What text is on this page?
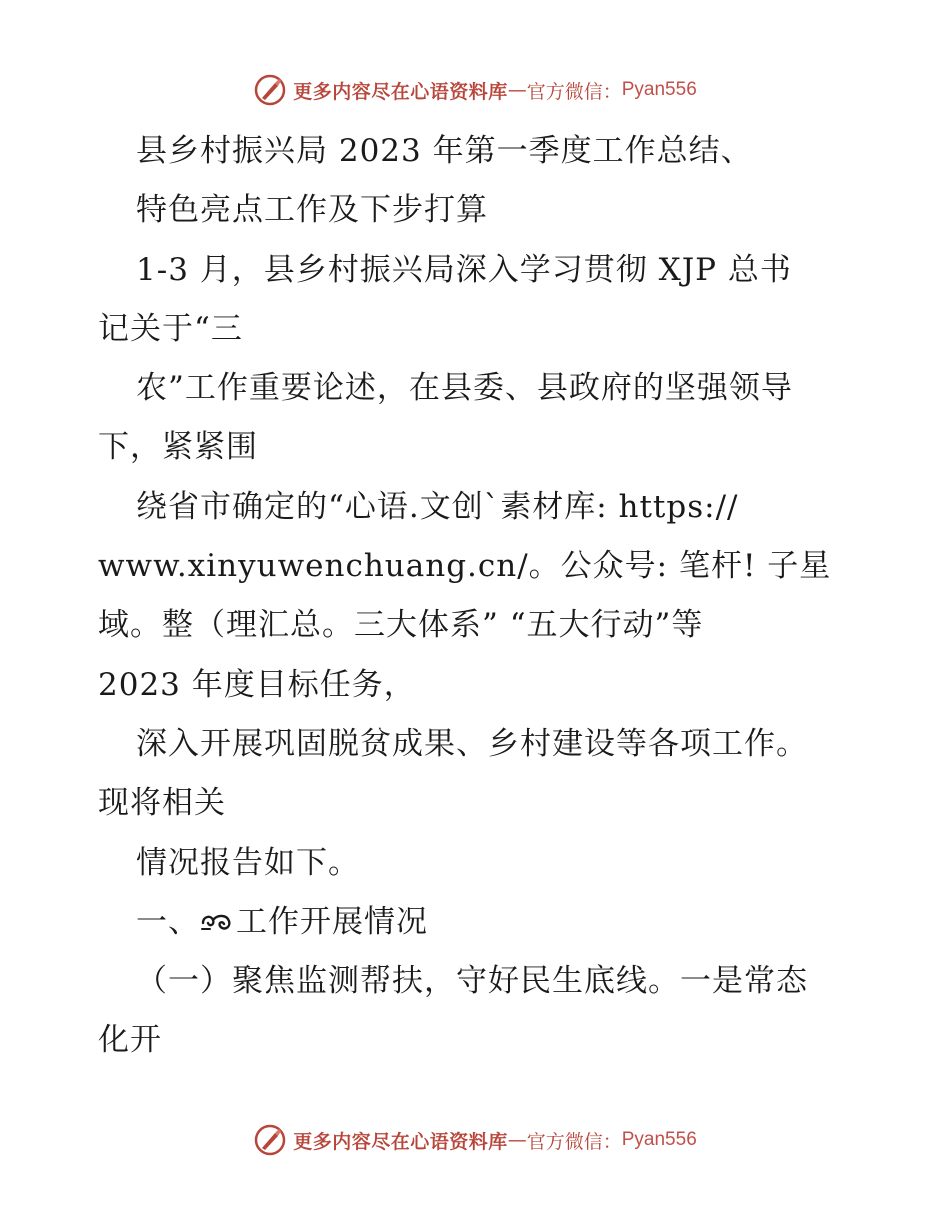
更多内容尽在心语资料库 — 官方微信： Pyan556
县乡村振兴局 2023 年第一季度工作总结、
特色亮点工作及下步打算
1-3 月，县乡村振兴局深入学习贯彻 XJP 总书
记关于“三
农”工作重要论述，在县委、县政府的坚强领导
下，紧紧围
绕省市确定的“心语.文创`素材库: https://
www.xinyuwenchuang.cn/。公众号: 笔杆! 子星
域。整（理汇总。三大体系” “五大行动”等
2023 年度目标任务，
深入开展巩固脱贫成果、乡村建设等各项工作。
现将相关
情况报告如下。
一、 工作开展情况
（一）聚焦监测帮扶，守好民生底线。一是常态
化开
更多内容尽在心语资料库 — 官方微信： Pyan556
